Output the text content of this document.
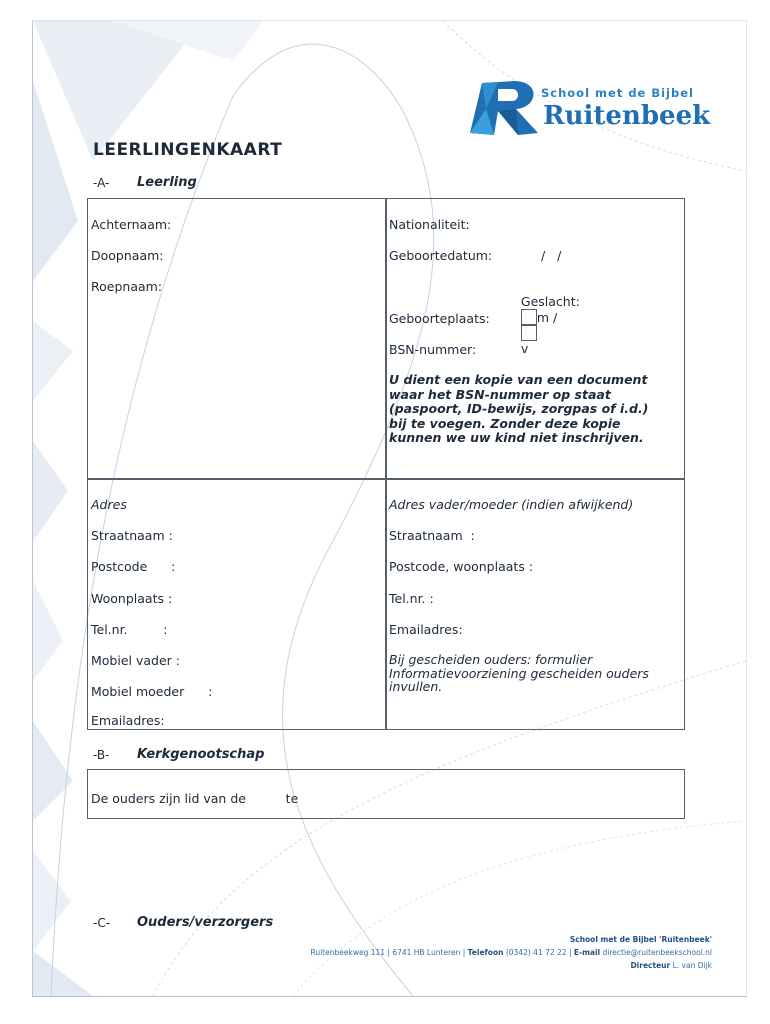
School met de Bijbel
Ruitenbeek
LEERLINGENKAART
-A- Leerling
Achternaam:
Doopnaam:
Roepnaam:
Nationaliteit:
Geboortedatum:	/   /

Geslacht:
m /

v

Geboorteplaats:
BSN-nummer:
U dient een kopie van een document waar het BSN-nummer op staat (paspoort, ID-bewijs, zorgpas of i.d.) bij te voegen. Zonder deze kopie kunnen we uw kind niet inschrijven.
Adres
Straatnaam :
Postcode      :
Woonplaats :
Tel.nr.         :
Mobiel vader :
Mobiel moeder      :
Emailadres:
Adres vader/moeder (indien afwijkend)
Straatnaam  :
Postcode, woonplaats :
Tel.nr. :
Emailadres:
Bij gescheiden ouders: formulier Informatievoorziening gescheiden ouders invullen.
-B- Kerkgenootschap
De ouders zijn lid van de          te
-C- Ouders/verzorgers
School met de Bijbel 'Ruitenbeek'
Ruitenbeekweg 111 | 6741 HB Lunteren | Telefoon (0342) 41 72 22 | E-mail directie@ruitenbeekschool.nl
Directeur L. van Dijk
